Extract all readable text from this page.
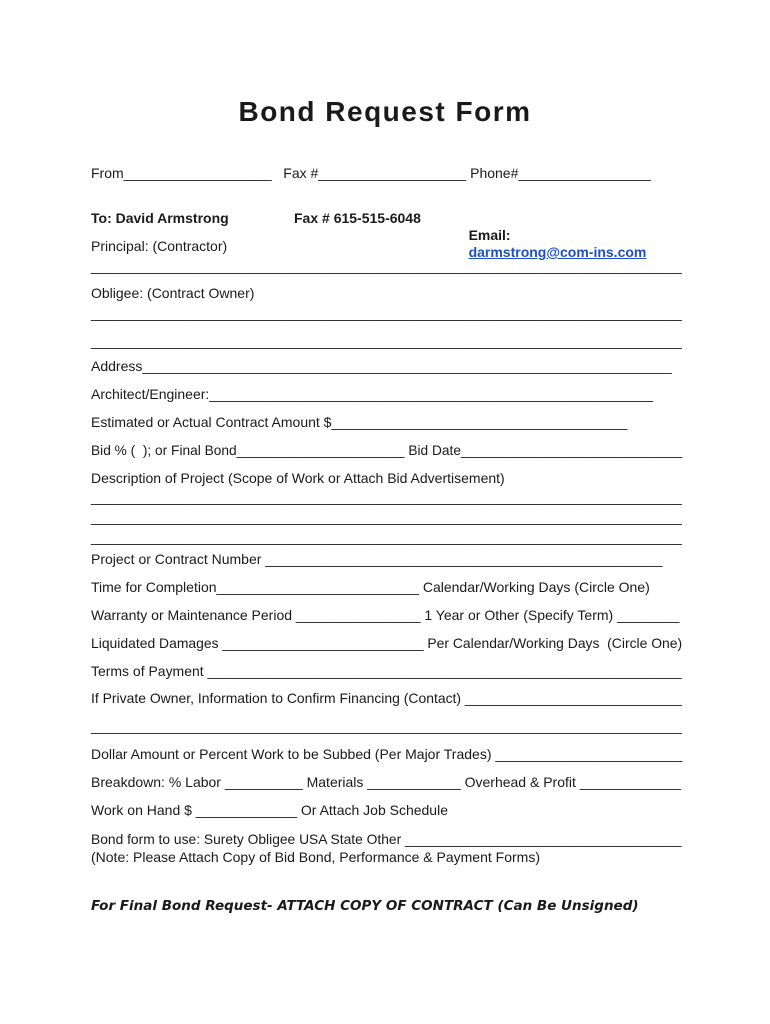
Bond Request Form
From___________________   Fax #___________________ Phone#_________________
To: David Armstrong	Fax # 615-515-6048

Email:
darmstrong@com-ins.com

Principal: (Contractor)
____________________________________________________________________________
Obligee: (Contract Owner)
____________________________________________________________________________
____________________________________________________________________________
Address____________________________________________________________________
Architect/Engineer:_________________________________________________________
Estimated or Actual Contract Amount $______________________________________
Bid % (  ); or Final Bond______________________ Bid Date_____________________________
Description of Project (Scope of Work or Attach Bid Advertisement)
____________________________________________________________________________
____________________________________________________________________________
____________________________________________________________________________
Project or Contract Number ___________________________________________________
Time for Completion__________________________ Calendar/Working Days (Circle One)
Warranty or Maintenance Period ________________ 1 Year or Other (Specify Term) ________
Liquidated Damages __________________________ Per Calendar/Working Days  (Circle One)
Terms of Payment _____________________________________________________________
If Private Owner, Information to Confirm Financing (Contact) ____________________________
____________________________________________________________________________
Dollar Amount or Percent Work to be Subbed (Per Major Trades) ________________________
Breakdown: % Labor __________ Materials ____________ Overhead & Profit _____________
Work on Hand $ _____________ Or Attach Job Schedule
Bond form to use: Surety Obligee USA State Other ____________________________________
(Note: Please Attach Copy of Bid Bond, Performance & Payment Forms)
For Final Bond Request- ATTACH COPY OF CONTRACT (Can Be Unsigned)
